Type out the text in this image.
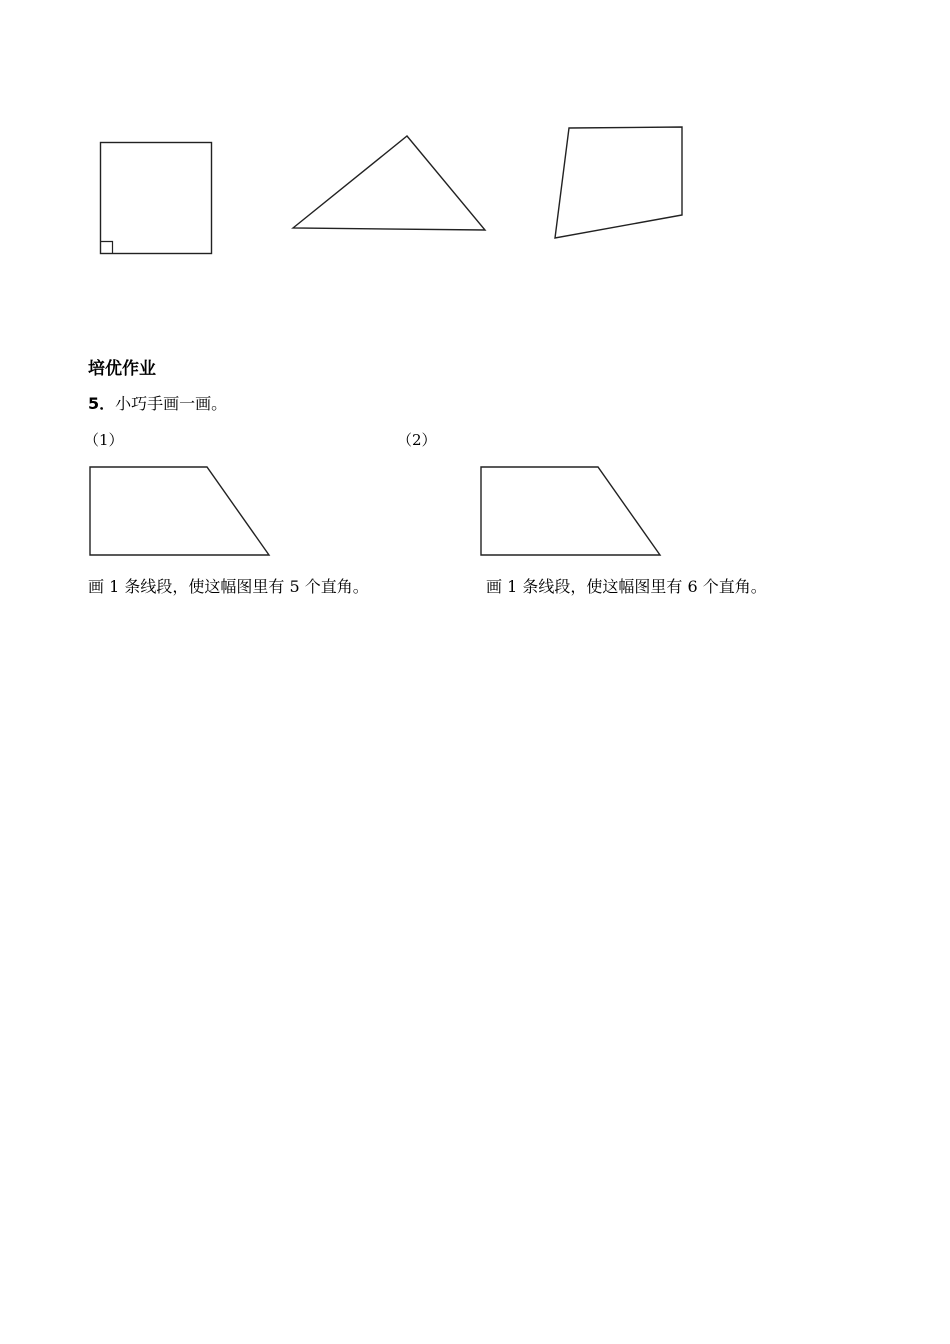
培优作业
5．小巧手画一画。
（1）
画 1 条线段，使这幅图里有 5 个直角。
（2）
画 1 条线段，使这幅图里有 6 个直角。
